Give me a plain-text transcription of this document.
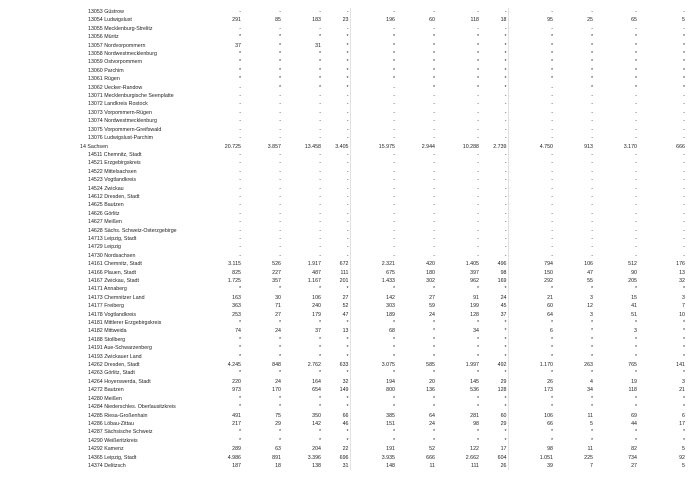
13053 Güstrow	-	-	-	-	-	-	-	-	-	-	-	-
13054 Ludwigslust	291	85	183	23	196	60	118	18	95	25	65	5
13055 Mecklenburg-Strelitz	-	-	-	-	-	-	-	-	-	-	-	-
13056 Müritz	*	*	*	*	*	*	*	*	*	*	*	*
13057 Nordvorpommern	37	*	31	*	*	*	*	*	*	*	*	*
13058 Nordwestmecklenburg	*	*	*	*	*	*	*	*	*	*	*	*
13059 Ostvorpommern	*	*	*	*	*	*	*	*	*	*	*	*
13060 Parchim	*	*	*	*	*	*	*	*	*	*	*	*
13061 Rügen	*	*	*	*	*	*	*	*	*	*	*	*
13062 Uecker-Randow	-	*	*	*	-	*	*	*	-	*	*	*
13071 Mecklenburgische Seenplatte	-	-	-	-	-	-	-	-	-	-	-	-
13072 Landkreis Rostock	-	-	-	-	-	-	-	-	-	-	-	-
13073 Vorpommern-Rügen	-	-	-	-	-	-	-	-	-	-	-	-
13074 Nordwestmecklenburg	-	-	-	-	-	-	-	-	-	-	-	-
13075 Vorpommern-Greifswald	-	-	-	-	-	-	-	-	-	-	-	-
13076 Ludwigslust-Parchim	-	-	-	-	-	-	-	-	-	-	-	-
14 Sachsen	20.725	3.857	13.458	3.405	15.975	2.944	10.288	2.739	4.750	913	3.170	666
14511 Chemnitz, Stadt	-	-	-	-	-	-	-	-	-	-	-	-
14521 Erzgebirgskreis	-	-	-	-	-	-	-	-	-	-	-	-
14522 Mittelsachsen	-	-	-	-	-	-	-	-	-	-	-	-
14523 Vogtlandkreis	-	-	-	-	-	-	-	-	-	-	-	-
14524 Zwickau	-	-	-	-	-	-	-	-	-	-	-	-
14612 Dresden, Stadt	-	-	-	-	-	-	-	-	-	-	-	-
14625 Bautzen	-	-	-	-	-	-	-	-	-	-	-	-
14626 Görlitz	-	-	-	-	-	-	-	-	-	-	-	-
14627 Meißen	-	-	-	-	-	-	-	-	-	-	-	-
14628 Sächs. Schweiz-Osterzgebirge	-	-	-	-	-	-	-	-	-	-	-	-
14713 Leipzig, Stadt	-	-	-	-	-	-	-	-	-	-	-	-
14729 Leipzig	-	-	-	-	-	-	-	-	-	-	-	-
14730 Nordsachsen	-	-	-	-	-	-	-	-	-	-	-	-
14161 Chemnitz, Stadt	3.115	526	1.917	672	2.321	420	1.405	496	794	106	512	176
14166 Plauen, Stadt	825	227	487	111	675	180	397	98	150	47	90	13
14167 Zwickau, Stadt	1.725	357	1.167	201	1.433	302	962	169	292	55	205	32
14171 Annaberg	*	*	*	*	*	*	*	*	*	*	*	*
14173 Chemnitzer Land	163	30	106	27	142	27	91	24	21	3	15	3
14177 Freiberg	363	71	240	52	303	59	199	45	60	12	41	7
14178 Vogtlandkreis	253	27	179	47	189	24	128	37	64	3	51	10
14181 Mittlerer Erzgebirgskreis	*	*	*	*	*	*	*	*	*	*	*	*
14182 Mittweida	74	24	37	13	68	*	34	*	6	*	3	*
14188 Stollberg	*	*	*	*	*	*	*	*	*	*	*	*
14191 Aue-Schwarzenberg	*	*	*	*	*	*	*	*	*	*	*	*
14193 Zwickauer Land	*	*	*	*	*	*	*	*	*	*	*	*
14262 Dresden, Stadt	4.245	848	2.762	633	3.075	585	1.997	492	1.170	263	765	141
14263 Görlitz, Stadt	*	*	*	*	*	*	*	*	*	*	*	*
14264 Hoyerswerda, Stadt	220	24	164	32	194	20	145	29	26	4	19	3
14272 Bautzen	973	170	654	149	800	136	536	128	173	34	118	21
14280 Meißen	*	*	*	*	*	*	*	*	*	*	*	*
14284 Niederschles. Oberlausitzkreis	*	*	*	*	*	*	*	*	*	*	*	*
14285 Riesa-Großenhain	491	75	350	66	385	64	281	60	106	11	69	6
14286 Löbau-Zittau	217	29	142	46	151	24	98	29	66	5	44	17
14287 Sächsische Schweiz	*	*	*	*	*	*	*	*	*	*	*	*
14290 Weißeritzkreis	*	*	*	*	*	*	*	*	*	*	*	*
14292 Kamenz	289	63	204	22	191	52	122	17	98	11	82	5
14365 Leipzig, Stadt	4.986	891	3.396	696	3.935	666	2.662	604	1.051	225	734	92
14374 Delitzsch	187	18	138	31	148	11	111	26	39	7	27	5
